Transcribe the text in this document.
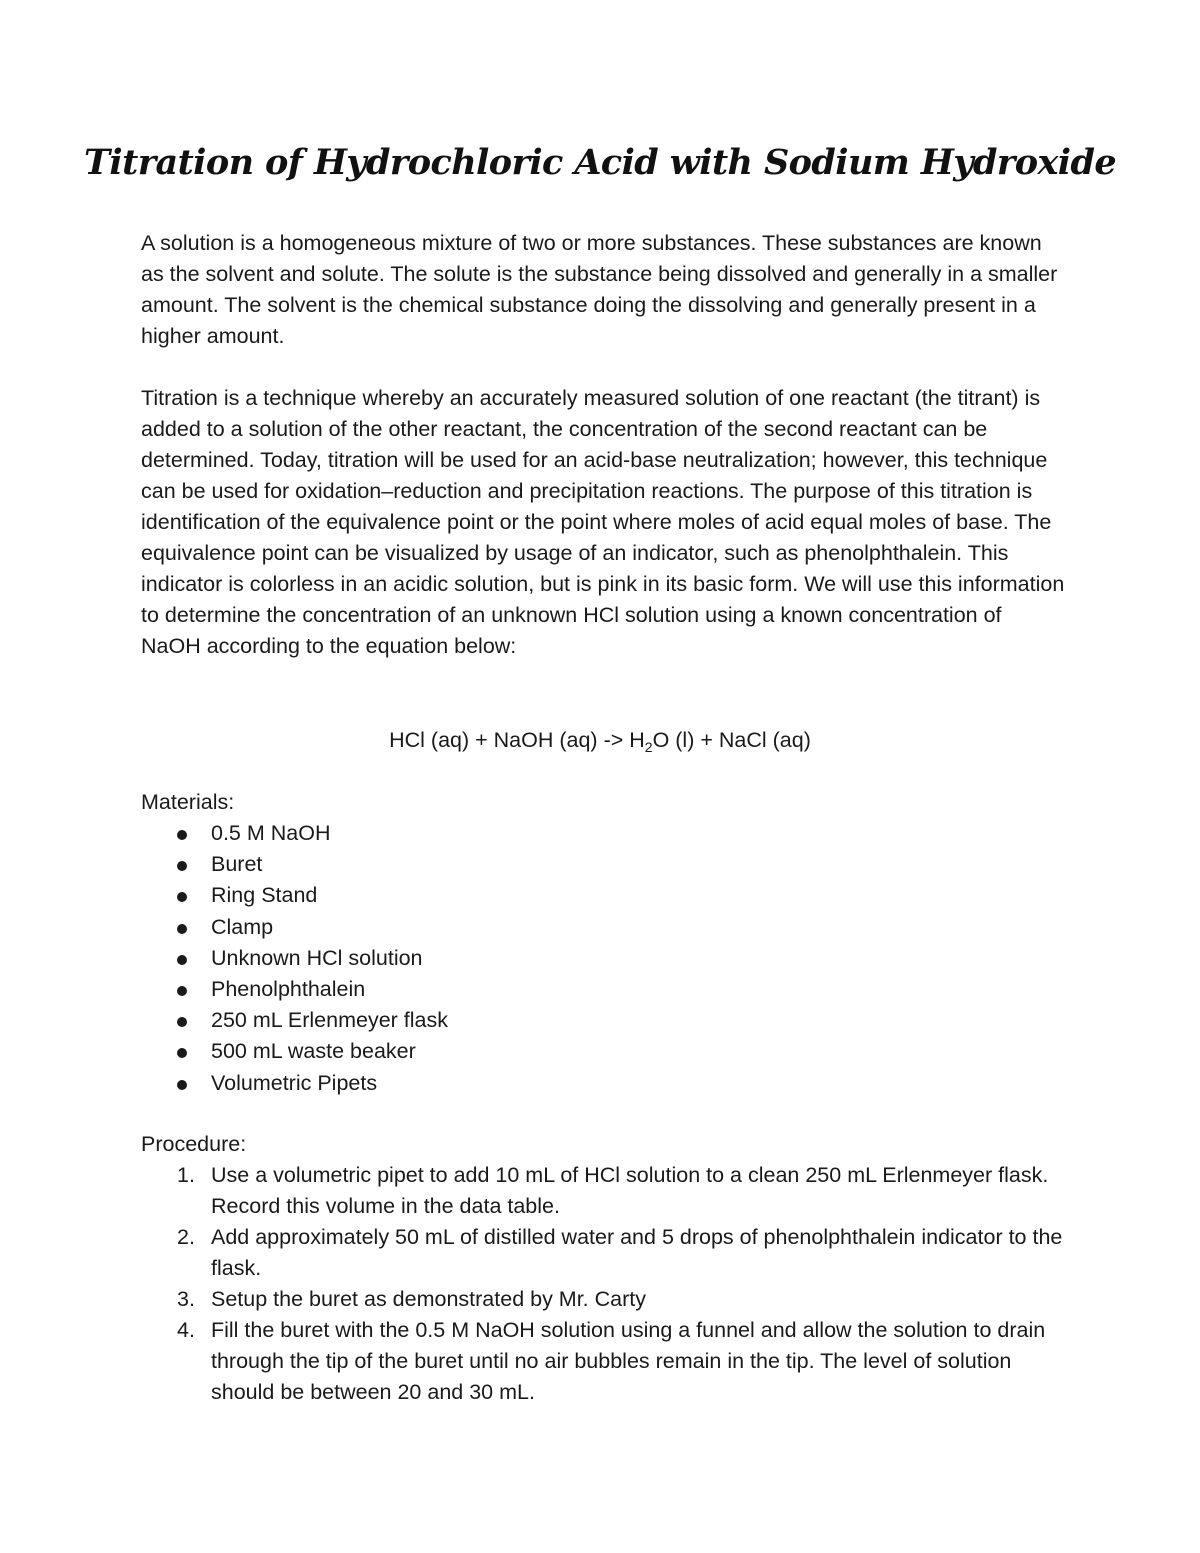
Titration of Hydrochloric Acid with Sodium Hydroxide

A solution is a homogeneous mixture of two or more substances. These substances are known as the solvent and solute. The solute is the substance being dissolved and generally in a smaller amount. The solvent is the chemical substance doing the dissolving and generally present in a higher amount.

Titration is a technique whereby an accurately measured solution of one reactant (the titrant) is added to a solution of the other reactant, the concentration of the second reactant can be determined. Today, titration will be used for an acid-base neutralization; however, this technique can be used for oxidation–reduction and precipitation reactions. The purpose of this titration is identification of the equivalence point or the point where moles of acid equal moles of base. The equivalence point can be visualized by usage of an indicator, such as phenolphthalein. This indicator is colorless in an acidic solution, but is pink in its basic form. We will use this information to determine the concentration of an unknown HCl solution using a known concentration of NaOH according to the equation below:

HCl (aq) + NaOH $(aq) -> H_2O$ (l) + NaCl (aq)

Materials:

0.5 M NaOH
Buret
Ring Stand
Clamp
Unknown HCl solution
Phenolphthalein
250 mL Erlenmeyer flask
500 mL waste beaker
Volumetric Pipets

Procedure:

1. Use a volumetric pipet to add 10 mL of HCl solution to a clean 250 mL Erlenmeyer flask. Record this volume in the data table.
2. Add approximately 50 mL of distilled water and 5 drops of phenolphthalein indicator to the flask.
3. Setup the buret as demonstrated by Mr. Carty
4. Fill the buret with the 0.5 M NaOH solution using a funnel and allow the solution to drain through the tip of the buret until no air bubbles remain in the tip. The level of solution should be between 20 and 30 mL.
